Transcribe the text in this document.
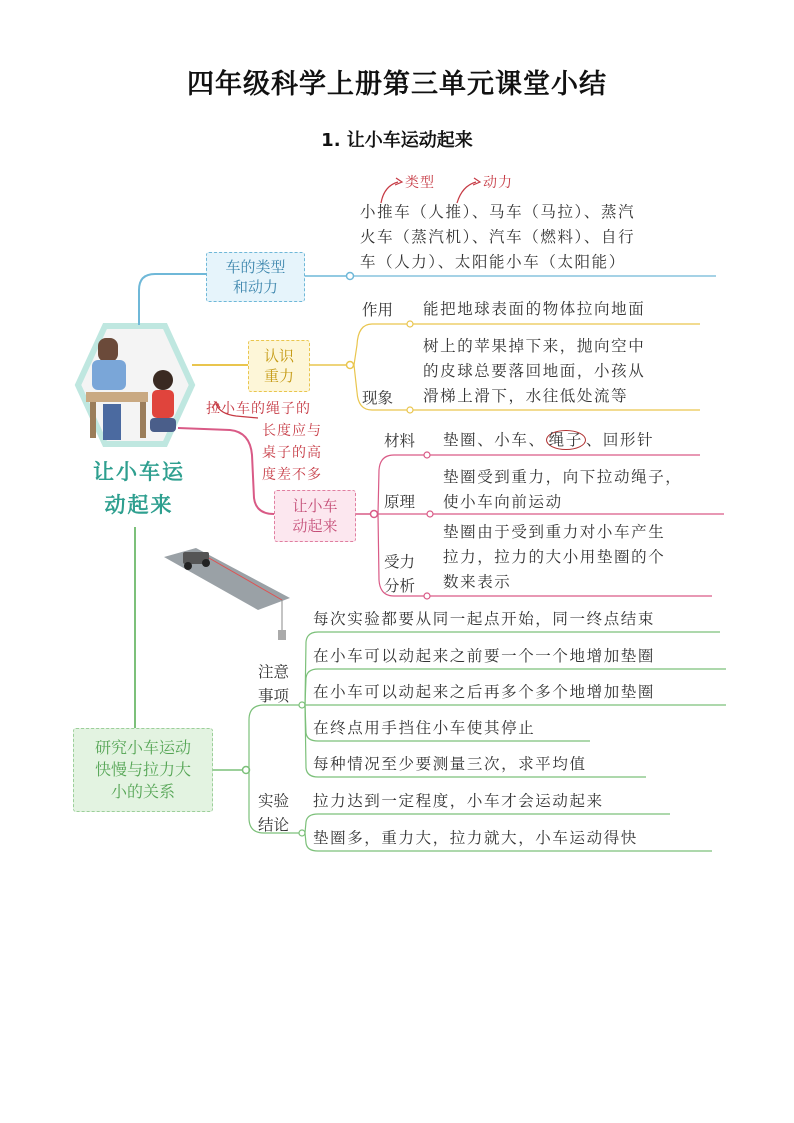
四年级科学上册第三单元课堂小结
1. 让小车运动起来
让小车运
动起来
车的类型
和动力
类型	动力
小推车（人推）、马车（马拉）、蒸汽
火车（蒸汽机）、汽车（燃料）、自行
车（人力）、太阳能小车（太阳能）
认识
重力
作用 能把地球表面的物体拉向地面
现象
树上的苹果掉下来，抛向空中
的皮球总要落回地面，小孩从
滑梯上滑下，水往低处流等
拉小车的绳子的
长度应与
桌子的高
度差不多
让小车
动起来
材料 垫圈、小车、 绳子 、回形针
原理
垫圈受到重力，向下拉动绳子，
使小车向前运动
受力
分析
垫圈由于受到重力对小车产生
拉力，拉力的大小用垫圈的个
数来表示
研究小车运动
快慢与拉力大
小的关系
注意
事项
每次实验都要从同一起点开始，同一终点结束
在小车可以动起来之前要一个一个地增加垫圈
在小车可以动起来之后再多个多个地增加垫圈
在终点用手挡住小车使其停止
每种情况至少要测量三次，求平均值
实验
结论
拉力达到一定程度，小车才会运动起来
垫圈多，重力大，拉力就大，小车运动得快
